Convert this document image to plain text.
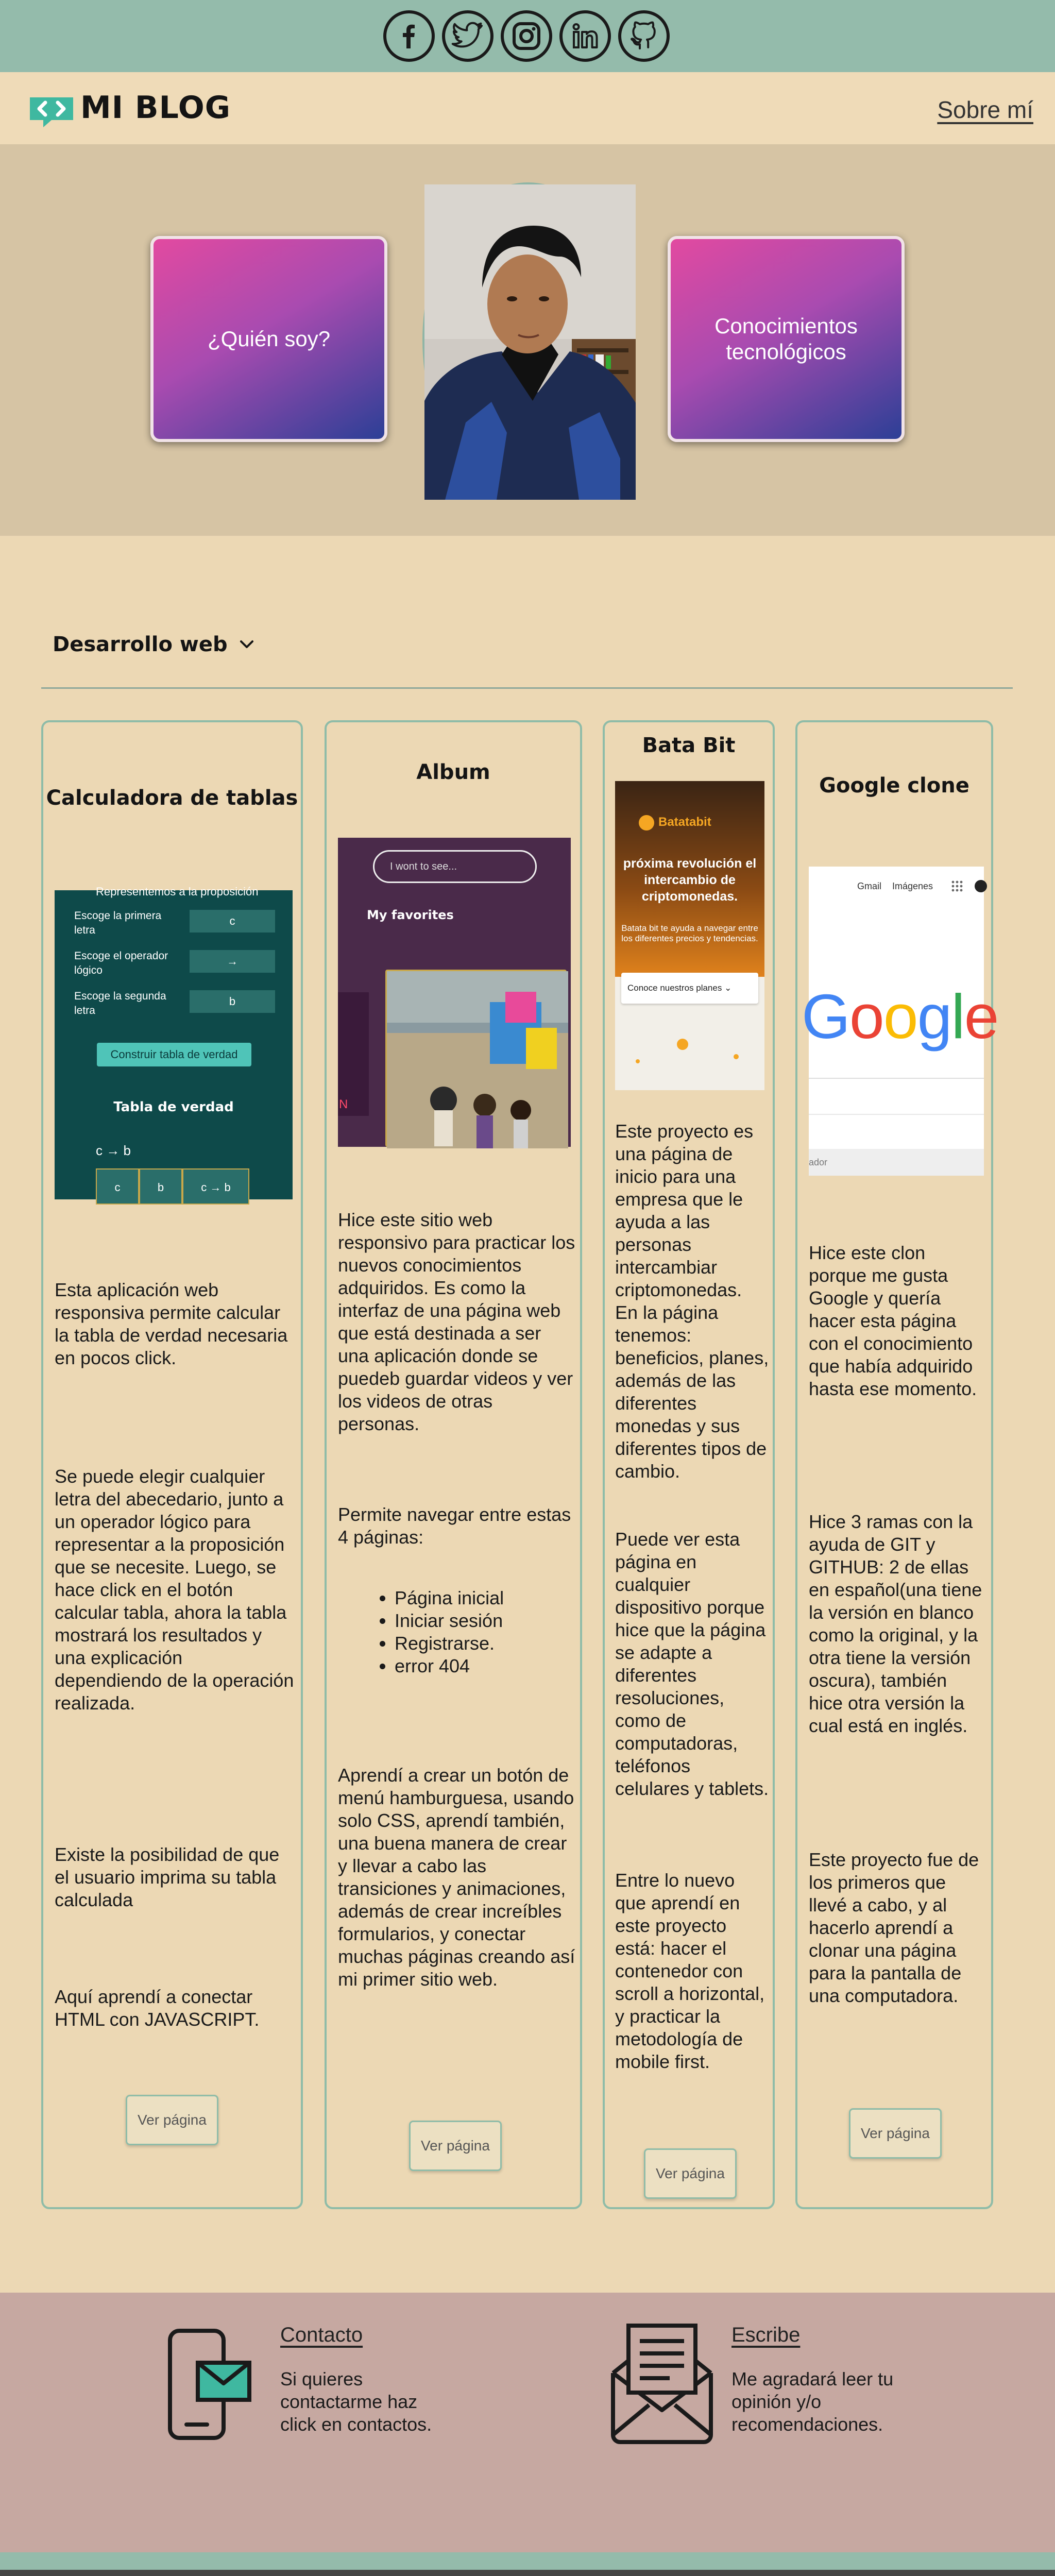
MI BLOG	Sobre mí
¿Quién soy?
Conocimientos tecnológicos
Desarrollo web
Calculadora de tablas
Representemos a la proposición
Escoge la primera letra
c
Escoge el operador lógico
→
Escoge la segunda letra
b
Construir tabla de verdad
Tabla de verdad
c → b
c	b	c → b

Esta aplicación web responsiva permite calcular la tabla de verdad necesaria en pocos click.

Se puede elegir cualquier letra del abecedario, junto a un operador lógico para representar a la proposición que se necesite. Luego, se hace click en el botón calcular tabla, ahora la tabla mostrará los resultados y una explicación dependiendo de la operación realizada.

Existe la posibilidad de que el usuario imprima su tabla calculada

Aquí aprendí a conectar HTML con JAVASCRIPT.

Ver página
Album
I wont to see...
My favorites
N

Hice este sitio web responsivo para practicar los nuevos conocimientos adquiridos. Es como la interfaz de una página web que está destinada a ser una aplicación donde se puedeb guardar videos y ver los videos de otras personas.

Permite navegar entre estas 4 páginas:

• Página inicial
• Iniciar sesión
• Registrarse.
• error 404

Aprendí a crear un botón de menú hamburguesa, usando solo CSS, aprendí también, una buena manera de crear y llevar a cabo las transiciones y animaciones, además de crear increíbles formularios, y conectar muchas páginas creando así mi primer sitio web.

Ver página
Bata Bit
Batatabit
próxima revolución el intercambio de criptomonedas.
Batata bit te ayuda a navegar entre los diferentes precios y tendencias.
Conoce nuestros planes ⌄

Este proyecto es una página de inicio para una empresa que le ayuda a las personas intercambiar criptomonedas.

En la página tenemos: beneficios, planes, además de las diferentes monedas y sus diferentes tipos de cambio.

Puede ver esta página en cualquier dispositivo porque hice que la página se adapte a diferentes resoluciones, como de computadoras, teléfonos celulares y tablets.

Entre lo nuevo que aprendí en este proyecto está: hacer el contenedor con scroll a horizontal, y practicar la metodología de mobile first.

Ver página
Google clone
Gmail Imágenes
Google
ador

Hice este clon porque me gusta Google y quería hacer esta página con el conocimiento que había adquirido hasta ese momento.

Hice 3 ramas con la ayuda de GIT y GITHUB: 2 de ellas en español(una tiene la versión en blanco como la original, y la otra tiene la versión oscura), también hice otra versión la cual está en inglés.

Este proyecto fue de los primeros que llevé a cabo, y al hacerlo aprendí a clonar una página para la pantalla de una computadora.

Ver página
Contacto
Si quieres contactarme haz click en contactos.
Escribe
Me agradará leer tu opinión y/o recomendaciones.
